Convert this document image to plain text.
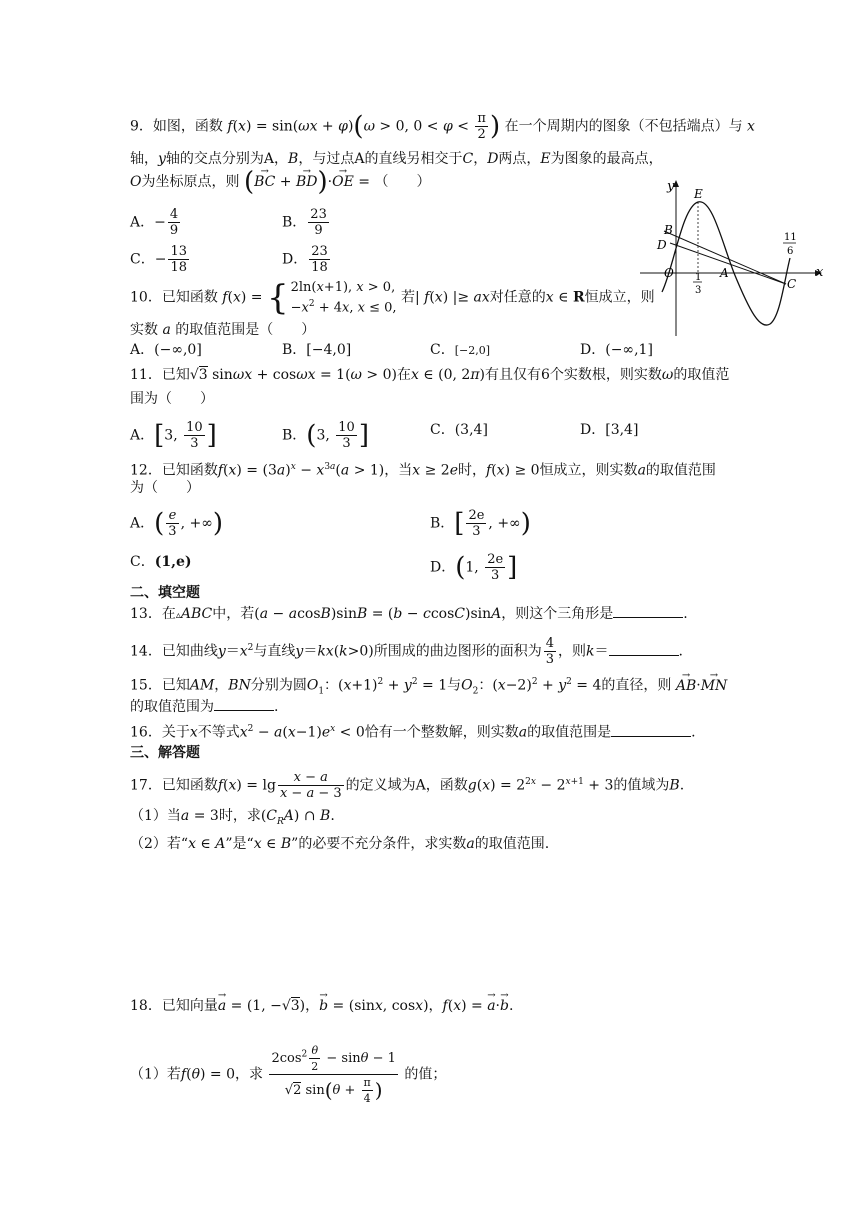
9．如图，函数 f(x) = sin(ωx + φ)(ω > 0, $0 < \varphi < \frac{\pi}{2}$ ) 在一个周期内的图象（不包括端点）与 x
轴，y轴的交点分别为A，B，与过点A的直线另相交于C，D两点，E为图象的最高点，
O为坐标原点，则 (→ BC + → BD)·→ OE = （　　）
A．− $\frac{4}{9}$	B． $\frac{23}{9}$
C．− $\frac{13}{18}$	D． $\frac{23}{18}$
y
x
E
B
D
O	A
C
1
3
11
6
10．已知函数 f(x) = { 2ln(x+1), x > 0,
$-x^2 + 4x$, x ≤ 0, 若| f(x) |≥ ax对任意的x ∈ R恒成立，则
实数 a 的取值范围是（　　）
A．(−∞,0]	B．[−4,0]	C．[−2,0]	D．(−∞,1]
11．已知√3 sinωx + cosωx = 1(ω > 0)在x ∈ (0, 2π)有且仅有6个实数根，则实数ω的取值范
围为（　　）
A．[3, $\frac{10}{3}$ ]	B．(3, $\frac{10}{3}$ ]	C．(3,4]	D．[3,4]
12．已知函数$f(x) = (3a)^x - x^{3a}(a > 1)$，当x ≥ 2e时，f(x) ≥ 0恒成立，则实数a的取值范围
为（　　）
A．( $\frac{e}{3}$ , +∞)	B．[ $\frac{2e}{3}$ , +∞)
C．(1,e)	D．(1, $\frac{2e}{3}$ ]
二、填空题
13．在▵ABC中，若(a − acosB)sinB = (b − ccosC)sinA，则这个三角形是	.
14．已知曲线$y=x^2$与直线y＝kx(k>0)所围成的曲边图形的面积为 $\frac{4}{3}$ ，则k＝	.
15．已知AM，BN分别为圆$O_1$：$(x+1)^2 + y^2 = 1$与$O_2$：$(x-2)^2 + y^2 = 4$的直径，则 → AB·→ MN
的取值范围为	.
16．关于x不等式$x^2 - a(x-1)e^x < 0$恰有一个整数解，则实数a的取值范围是	.
三、解答题
17．已知函数$f(x) = \lg \frac{x - a}{x - a - 3}$ 的定义域为A，函数$g(x) = 2^{2x} - 2^{x+1} + 3$的值域为B.
（1）当a = 3时，求$(C_RA)$ ∩ B.
（2）若“x ∈ A”是“x ∈ B”的必要不充分条件，求实数a的取值范围.
18．已知向量→ a = (1, −√3)，→ b = (sinx, cosx)，f(x) = → a·→ b.
（1）若f(θ) = 0，求 $\frac{2\cos^2 \frac{\theta}{2} - \sin\theta - 1}{√2 \sin(\theta + \frac{\pi}{4} )}$ 的值；
